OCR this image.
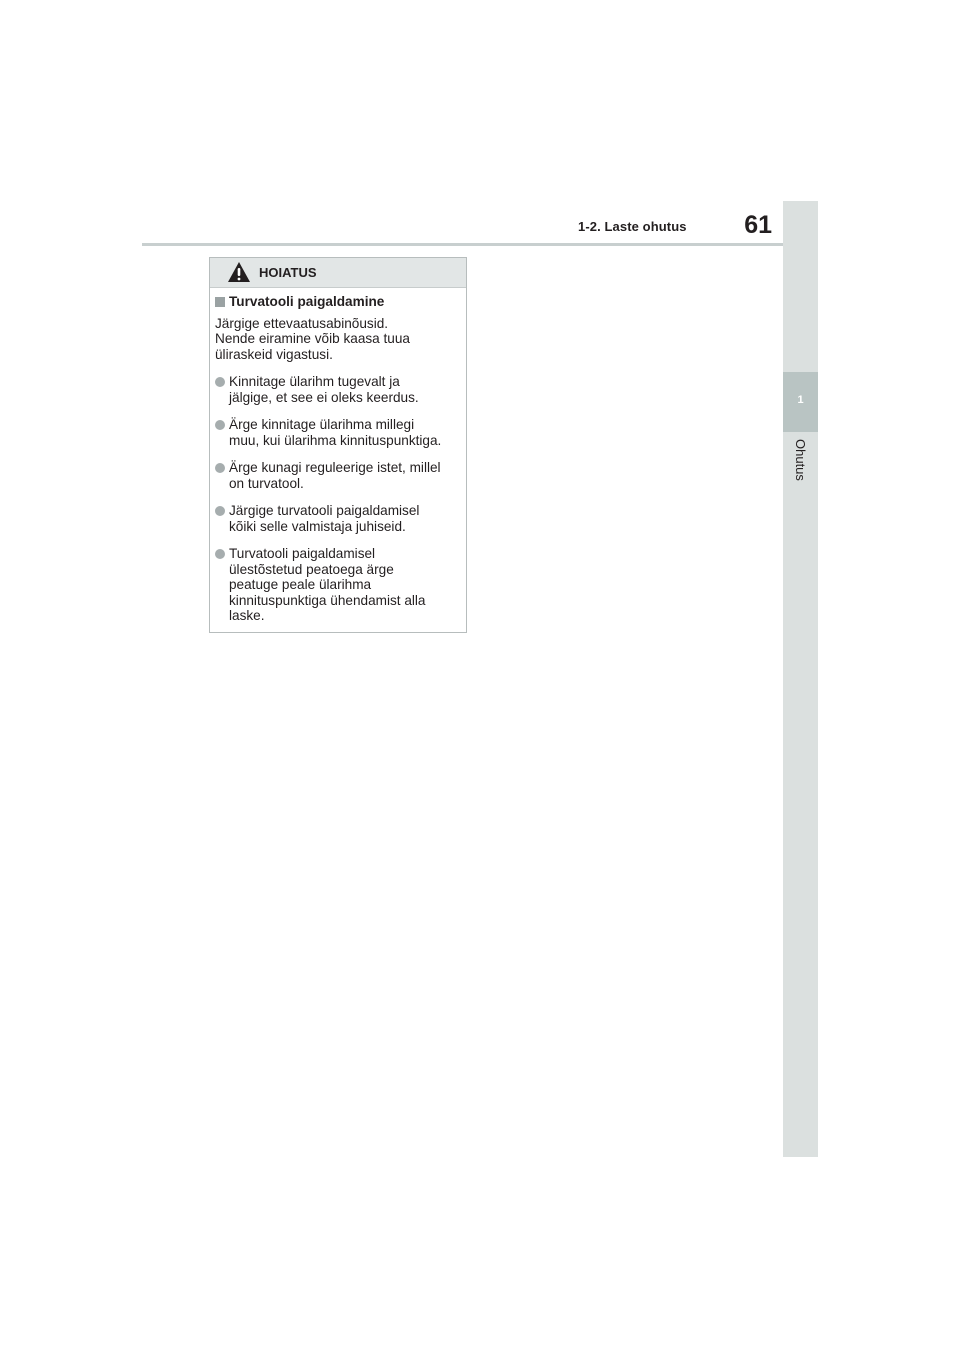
1-2. Laste ohutus	61
1
Ohutus
HOIATUS
Turvatooli paigaldamine
Järgige ettevaatusabinõusid.
Nende eiramine võib kaasa tuua
üliraskeid vigastusi.
Kinnitage ülarihm tugevalt ja
jälgige, et see ei oleks keerdus.
Ärge kinnitage ülarihma millegi
muu, kui ülarihma kinnituspunktiga.
Ärge kunagi reguleerige istet, millel
on turvatool.
Järgige turvatooli paigaldamisel
kõiki selle valmistaja juhiseid.
Turvatooli paigaldamisel
ülestõstetud peatoega ärge
peatuge peale ülarihma
kinnituspunktiga ühendamist alla
laske.
